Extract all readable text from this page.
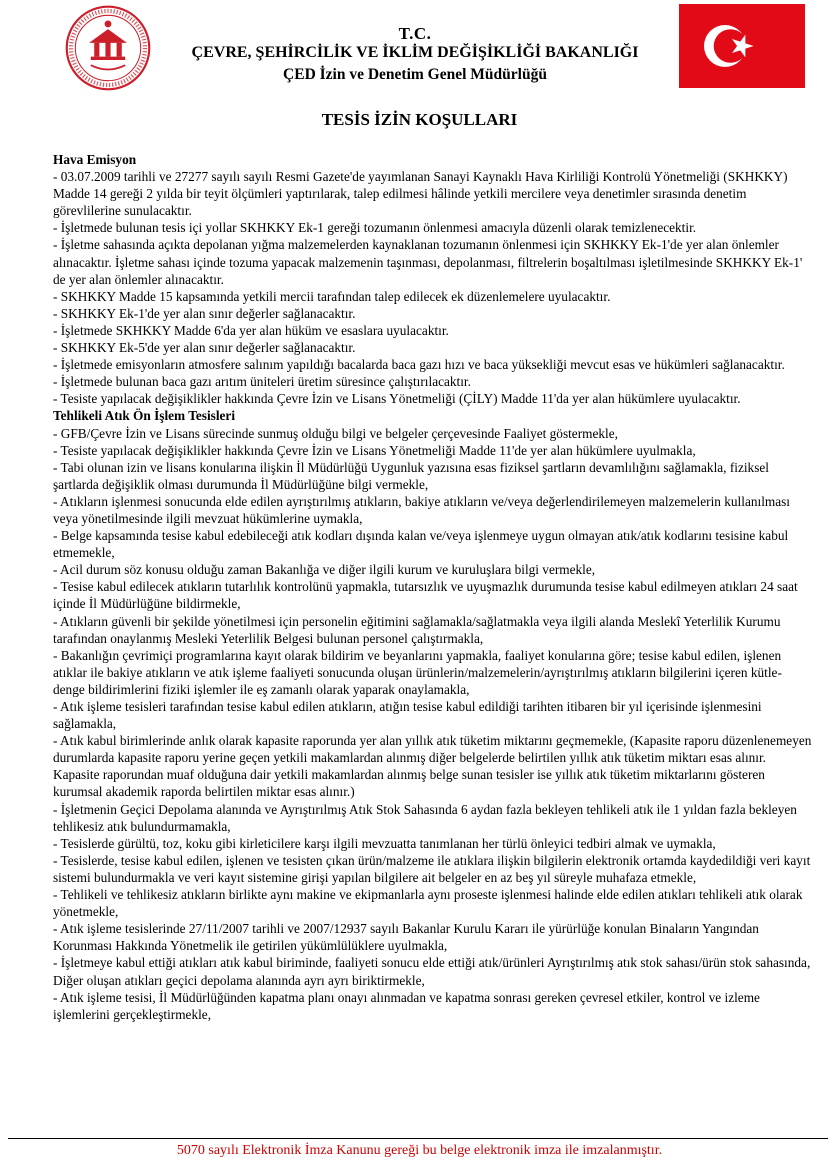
T.C.
ÇEVRE, ŞEHİRCİLİK VE İKLİM DEĞİŞİKLİĞİ BAKANLIĞI
ÇED İzin ve Denetim Genel Müdürlüğü
TESİS İZİN KOŞULLARI

Hava Emisyon

- 03.07.2009 tarihli ve 27277 sayılı sayılı Resmi Gazete'de yayımlanan Sanayi Kaynaklı Hava Kirliliği Kontrolü Yönetmeliği (SKHKKY) Madde 14 gereği 2 yılda bir teyit ölçümleri yaptırılarak, talep edilmesi hâlinde yetkili mercilere veya denetimler sırasında denetim görevlilerine sunulacaktır.

- İşletmede bulunan tesis içi yollar SKHKKY Ek-1 gereği tozumanın önlenmesi amacıyla düzenli olarak temizlenecektir.

- İşletme sahasında açıkta depolanan yığma malzemelerden kaynaklanan tozumanın önlenmesi için SKHKKY Ek-1'de yer alan önlemler alınacaktır. İşletme sahası içinde tozuma yapacak malzemenin taşınması, depolanması, filtrelerin boşaltılması işletilmesinde SKHKKY Ek-1' de yer alan önlemler alınacaktır.

- SKHKKY Madde 15 kapsamında yetkili mercii tarafından talep edilecek ek düzenlemelere uyulacaktır.

- SKHKKY Ek-1'de yer alan sınır değerler sağlanacaktır.

- İşletmede SKHKKY Madde 6'da yer alan hüküm ve esaslara uyulacaktır.

- SKHKKY Ek-5'de yer alan sınır değerler sağlanacaktır.

- İşletmede emisyonların atmosfere salınım yapıldığı bacalarda baca gazı hızı ve baca yüksekliği mevcut esas ve hükümleri sağlanacaktır.

- İşletmede bulunan baca gazı arıtım üniteleri üretim süresince çalıştırılacaktır.

- Tesiste yapılacak değişiklikler hakkında Çevre İzin ve Lisans Yönetmeliği (ÇİLY) Madde 11'da yer alan hükümlere uyulacaktır.

Tehlikeli Atık Ön İşlem Tesisleri

- GFB/Çevre İzin ve Lisans sürecinde sunmuş olduğu bilgi ve belgeler çerçevesinde Faaliyet göstermekle,

- Tesiste yapılacak değişiklikler hakkında Çevre İzin ve Lisans Yönetmeliği Madde 11'de yer alan hükümlere uyulmakla,

- Tabi olunan izin ve lisans konularına ilişkin İl Müdürlüğü Uygunluk yazısına esas fiziksel şartların devamlılığını sağlamakla, fiziksel şartlarda değişiklik olması durumunda İl Müdürlüğüne bilgi vermekle,

- Atıkların işlenmesi sonucunda elde edilen ayrıştırılmış atıkların, bakiye atıkların ve/veya değerlendirilemeyen malzemelerin kullanılması veya yönetilmesinde ilgili mevzuat hükümlerine uymakla,

- Belge kapsamında tesise kabul edebileceği atık kodları dışında kalan ve/veya işlenmeye uygun olmayan atık/atık kodlarını tesisine kabul etmemekle,

- Acil durum söz konusu olduğu zaman Bakanlığa ve diğer ilgili kurum ve kuruluşlara bilgi vermekle,

- Tesise kabul edilecek atıkların tutarlılık kontrolünü yapmakla, tutarsızlık ve uyuşmazlık durumunda tesise kabul edilmeyen atıkları 24 saat içinde İl Müdürlüğüne bildirmekle,

- Atıkların güvenli bir şekilde yönetilmesi için personelin eğitimini sağlamakla/sağlatmakla veya ilgili alanda Meslekî Yeterlilik Kurumu tarafından onaylanmış Mesleki Yeterlilik Belgesi bulunan personel çalıştırmakla,

- Bakanlığın çevrimiçi programlarına kayıt olarak bildirim ve beyanlarını yapmakla, faaliyet konularına göre; tesise kabul edilen, işlenen atıklar ile bakiye atıkların ve atık işleme faaliyeti sonucunda oluşan ürünlerin/malzemelerin/ayrıştırılmış atıkların bilgilerini içeren kütle-denge bildirimlerini fiziki işlemler ile eş zamanlı olarak yaparak onaylamakla,

- Atık işleme tesisleri tarafından tesise kabul edilen atıkların, atığın tesise kabul edildiği tarihten itibaren bir yıl içerisinde işlenmesini sağlamakla,

- Atık kabul birimlerinde anlık olarak kapasite raporunda yer alan yıllık atık tüketim miktarını geçmemekle, (Kapasite raporu düzenlenemeyen durumlarda kapasite raporu yerine geçen yetkili makamlardan alınmış diğer belgelerde belirtilen yıllık atık tüketim miktarı esas alınır. Kapasite raporundan muaf olduğuna dair yetkili makamlardan alınmış belge sunan tesisler ise yıllık atık tüketim miktarlarını gösteren kurumsal akademik raporda belirtilen miktar esas alınır.)

- İşletmenin Geçici Depolama alanında ve Ayrıştırılmış Atık Stok Sahasında 6 aydan fazla bekleyen tehlikeli atık ile 1 yıldan fazla bekleyen tehlikesiz atık bulundurmamakla,

- Tesislerde gürültü, toz, koku gibi kirleticilere karşı ilgili mevzuatta tanımlanan her türlü önleyici tedbiri almak ve uymakla,

- Tesislerde, tesise kabul edilen, işlenen ve tesisten çıkan ürün/malzeme ile atıklara ilişkin bilgilerin elektronik ortamda kaydedildiği veri kayıt sistemi bulundurmakla ve veri kayıt sistemine girişi yapılan bilgilere ait belgeler en az beş yıl süreyle muhafaza etmekle,

- Tehlikeli ve tehlikesiz atıkların birlikte aynı makine ve ekipmanlarla aynı proseste işlenmesi halinde elde edilen atıkları tehlikeli atık olarak yönetmekle,

- Atık işleme tesislerinde 27/11/2007 tarihli ve 2007/12937 sayılı Bakanlar Kurulu Kararı ile yürürlüğe konulan Binaların Yangından Korunması Hakkında Yönetmelik ile getirilen yükümlülüklere uyulmakla,

- İşletmeye kabul ettiği atıkları atık kabul biriminde, faaliyeti sonucu elde ettiği atık/ürünleri Ayrıştırılmış atık stok sahası/ürün stok sahasında, Diğer oluşan atıkları geçici depolama alanında ayrı ayrı biriktirmekle,

- Atık işleme tesisi, İl Müdürlüğünden kapatma planı onayı alınmadan ve kapatma sonrası gereken çevresel etkiler, kontrol ve izleme işlemlerini gerçekleştirmekle,

5070 sayılı Elektronik İmza Kanunu gereği bu belge elektronik imza ile imzalanmıştır.
